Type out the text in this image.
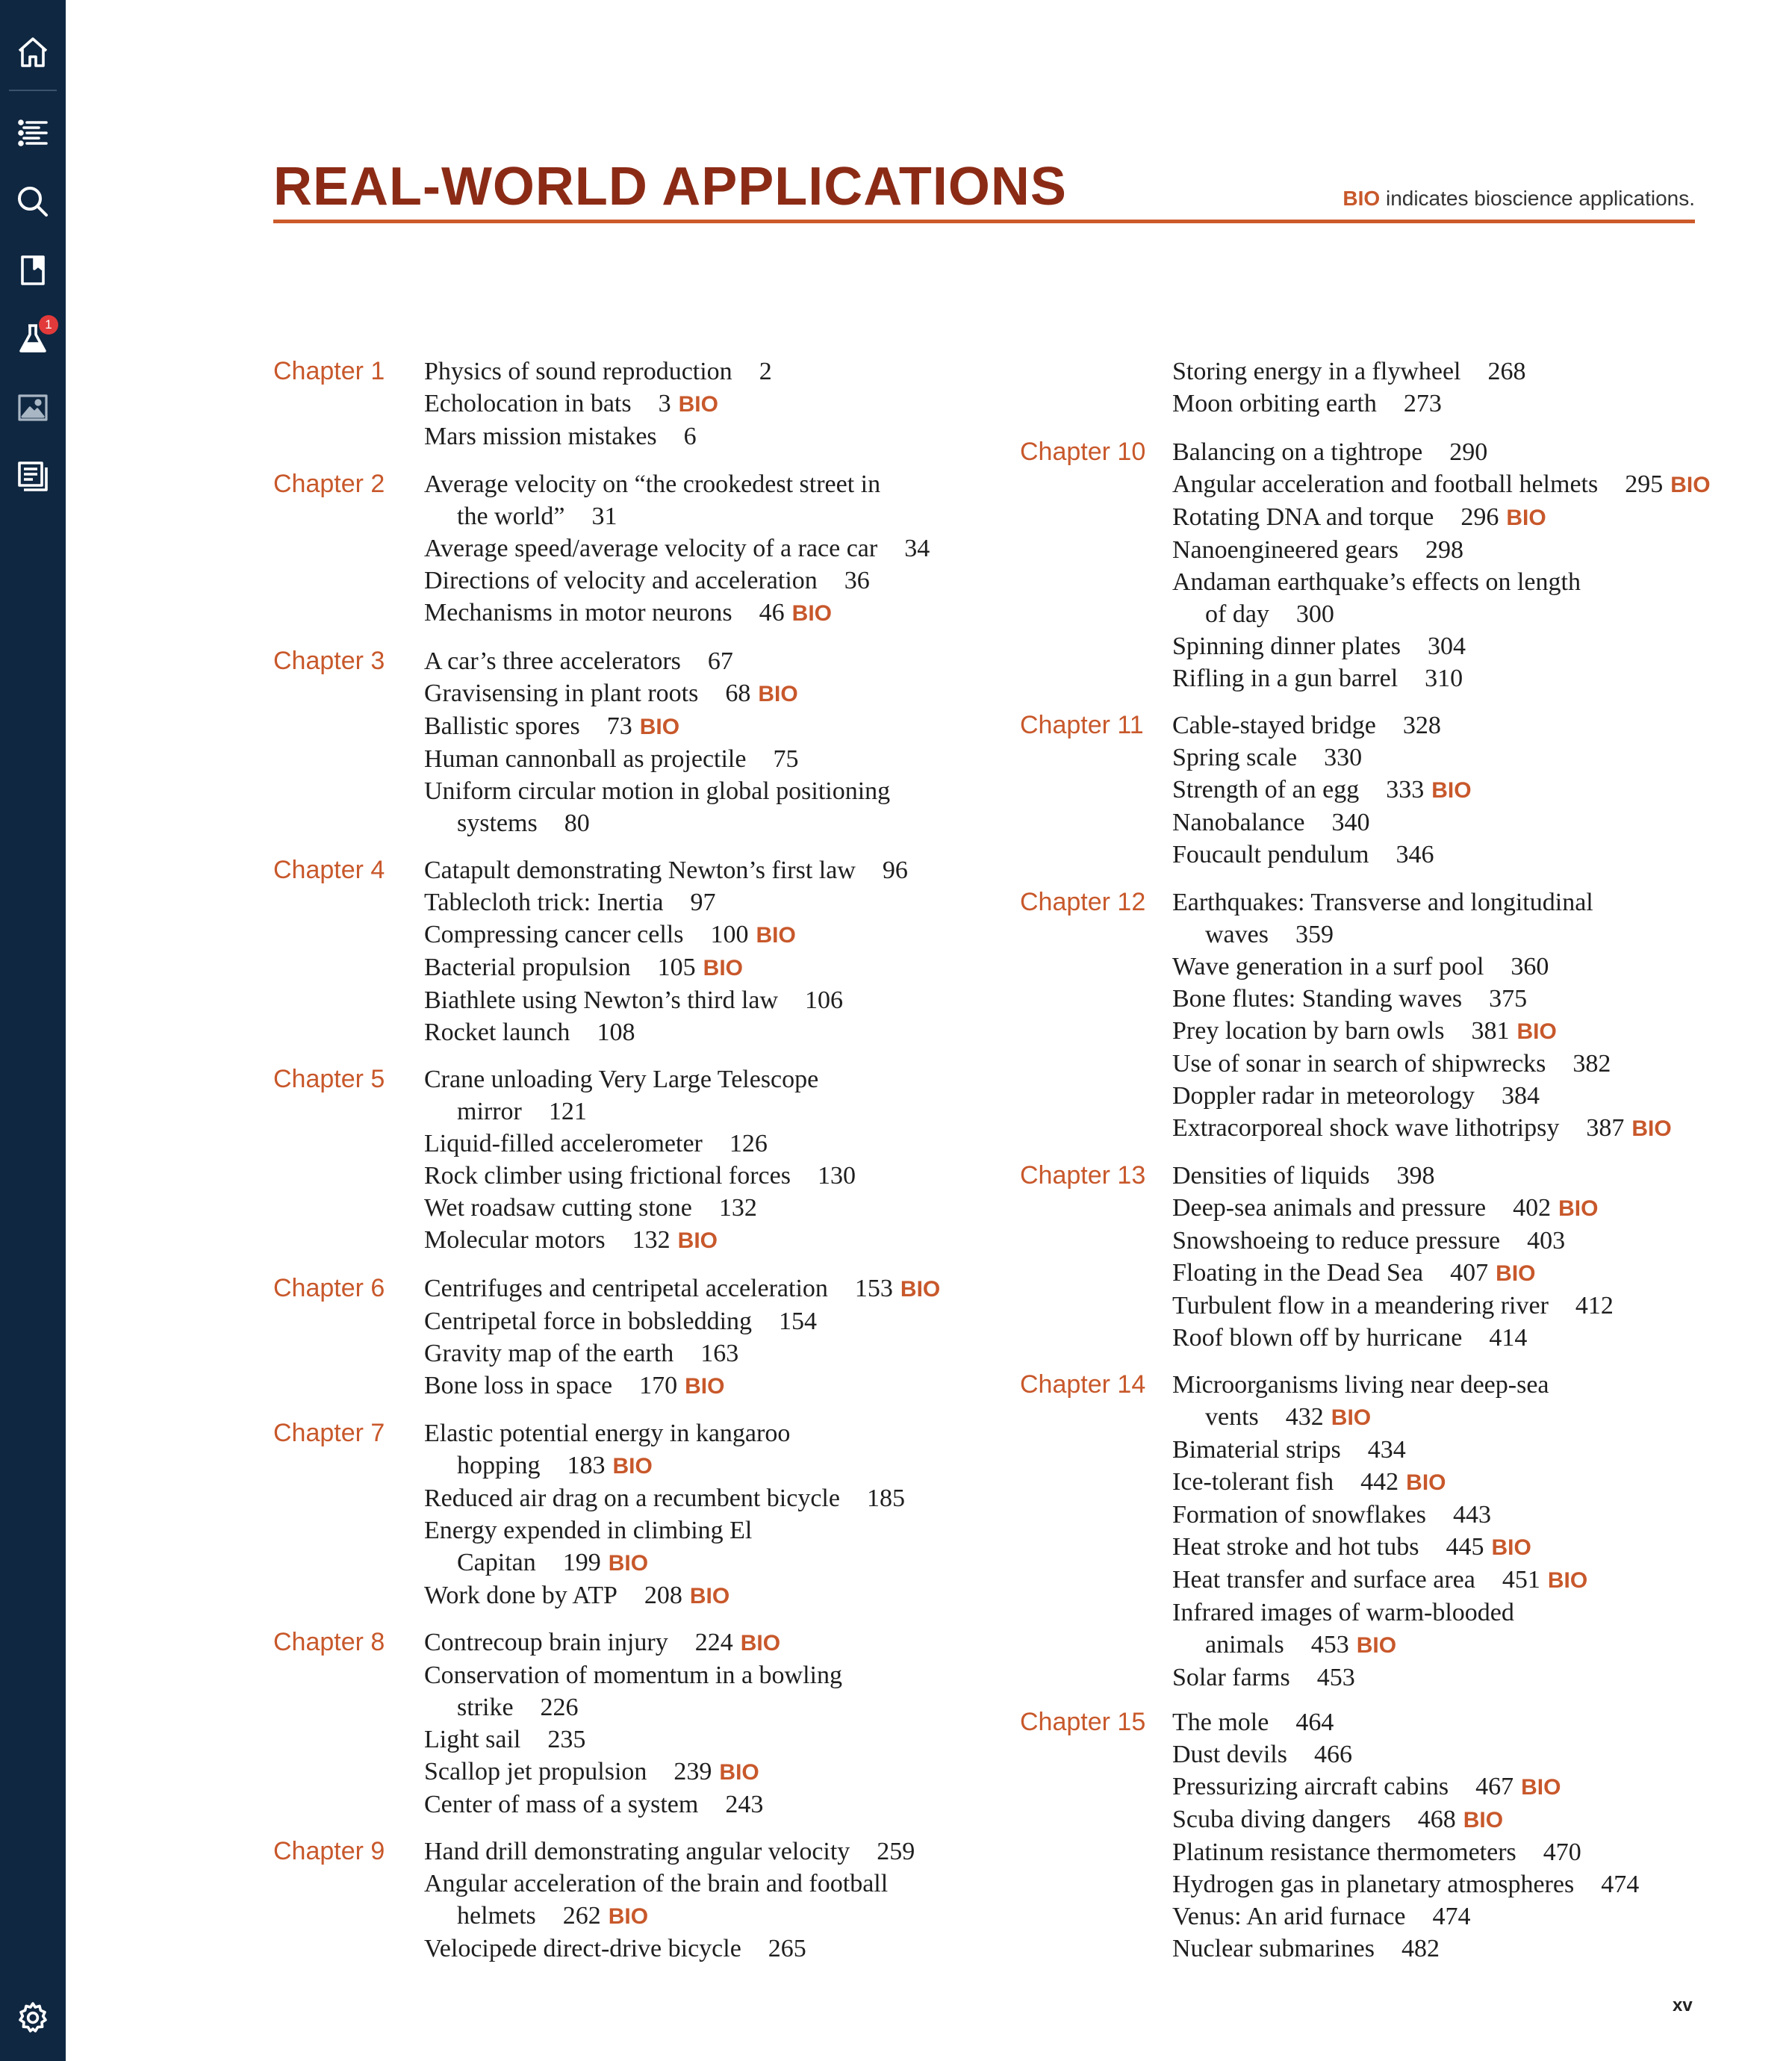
1
REAL-WORLD APPLICATIONS	BIO indicates bioscience applications.
Chapter 1 Physics of sound reproduction 2
Echolocation in bats 3 BIO
Mars mission mistakes 6
Chapter 2 Average velocity on “the crookedest street in
the world” 31
Average speed/average velocity of a race car 34
Directions of velocity and acceleration 36
Mechanisms in motor neurons 46 BIO
Chapter 3 A car’s three accelerators 67
Gravisensing in plant roots 68 BIO
Ballistic spores 73 BIO
Human cannonball as projectile 75
Uniform circular motion in global positioning
systems 80
Chapter 4 Catapult demonstrating Newton’s first law 96
Tablecloth trick: Inertia 97
Compressing cancer cells 100 BIO
Bacterial propulsion 105 BIO
Biathlete using Newton’s third law 106
Rocket launch 108
Chapter 5 Crane unloading Very Large Telescope
mirror 121
Liquid-filled accelerometer 126
Rock climber using frictional forces 130
Wet roadsaw cutting stone 132
Molecular motors 132 BIO
Chapter 6 Centrifuges and centripetal acceleration 153 BIO
Centripetal force in bobsledding 154
Gravity map of the earth 163
Bone loss in space 170 BIO
Chapter 7 Elastic potential energy in kangaroo
hopping 183 BIO
Reduced air drag on a recumbent bicycle 185
Energy expended in climbing El
Capitan 199 BIO
Work done by ATP 208 BIO
Chapter 8 Contrecoup brain injury 224 BIO
Conservation of momentum in a bowling
strike 226
Light sail 235
Scallop jet propulsion 239 BIO
Center of mass of a system 243
Chapter 9 Hand drill demonstrating angular velocity 259
Angular acceleration of the brain and football
helmets 262 BIO
Velocipede direct-drive bicycle 265
Storing energy in a flywheel 268
Moon orbiting earth 273
Chapter 10 Balancing on a tightrope 290
Angular acceleration and football helmets 295 BIO
Rotating DNA and torque 296 BIO
Nanoengineered gears 298
Andaman earthquake’s effects on length
of day 300
Spinning dinner plates 304
Rifling in a gun barrel 310
Chapter 11 Cable-stayed bridge 328
Spring scale 330
Strength of an egg 333 BIO
Nanobalance 340
Foucault pendulum 346
Chapter 12 Earthquakes: Transverse and longitudinal
waves 359
Wave generation in a surf pool 360
Bone flutes: Standing waves 375
Prey location by barn owls 381 BIO
Use of sonar in search of shipwrecks 382
Doppler radar in meteorology 384
Extracorporeal shock wave lithotripsy 387 BIO
Chapter 13 Densities of liquids 398
Deep-sea animals and pressure 402 BIO
Snowshoeing to reduce pressure 403
Floating in the Dead Sea 407 BIO
Turbulent flow in a meandering river 412
Roof blown off by hurricane 414
Chapter 14 Microorganisms living near deep-sea
vents 432 BIO
Bimaterial strips 434
Ice-tolerant fish 442 BIO
Formation of snowflakes 443
Heat stroke and hot tubs 445 BIO
Heat transfer and surface area 451 BIO
Infrared images of warm-blooded
animals 453 BIO
Solar farms 453
Chapter 15 The mole 464
Dust devils 466
Pressurizing aircraft cabins 467 BIO
Scuba diving dangers 468 BIO
Platinum resistance thermometers 470
Hydrogen gas in planetary atmospheres 474
Venus: An arid furnace 474
Nuclear submarines 482
xv
